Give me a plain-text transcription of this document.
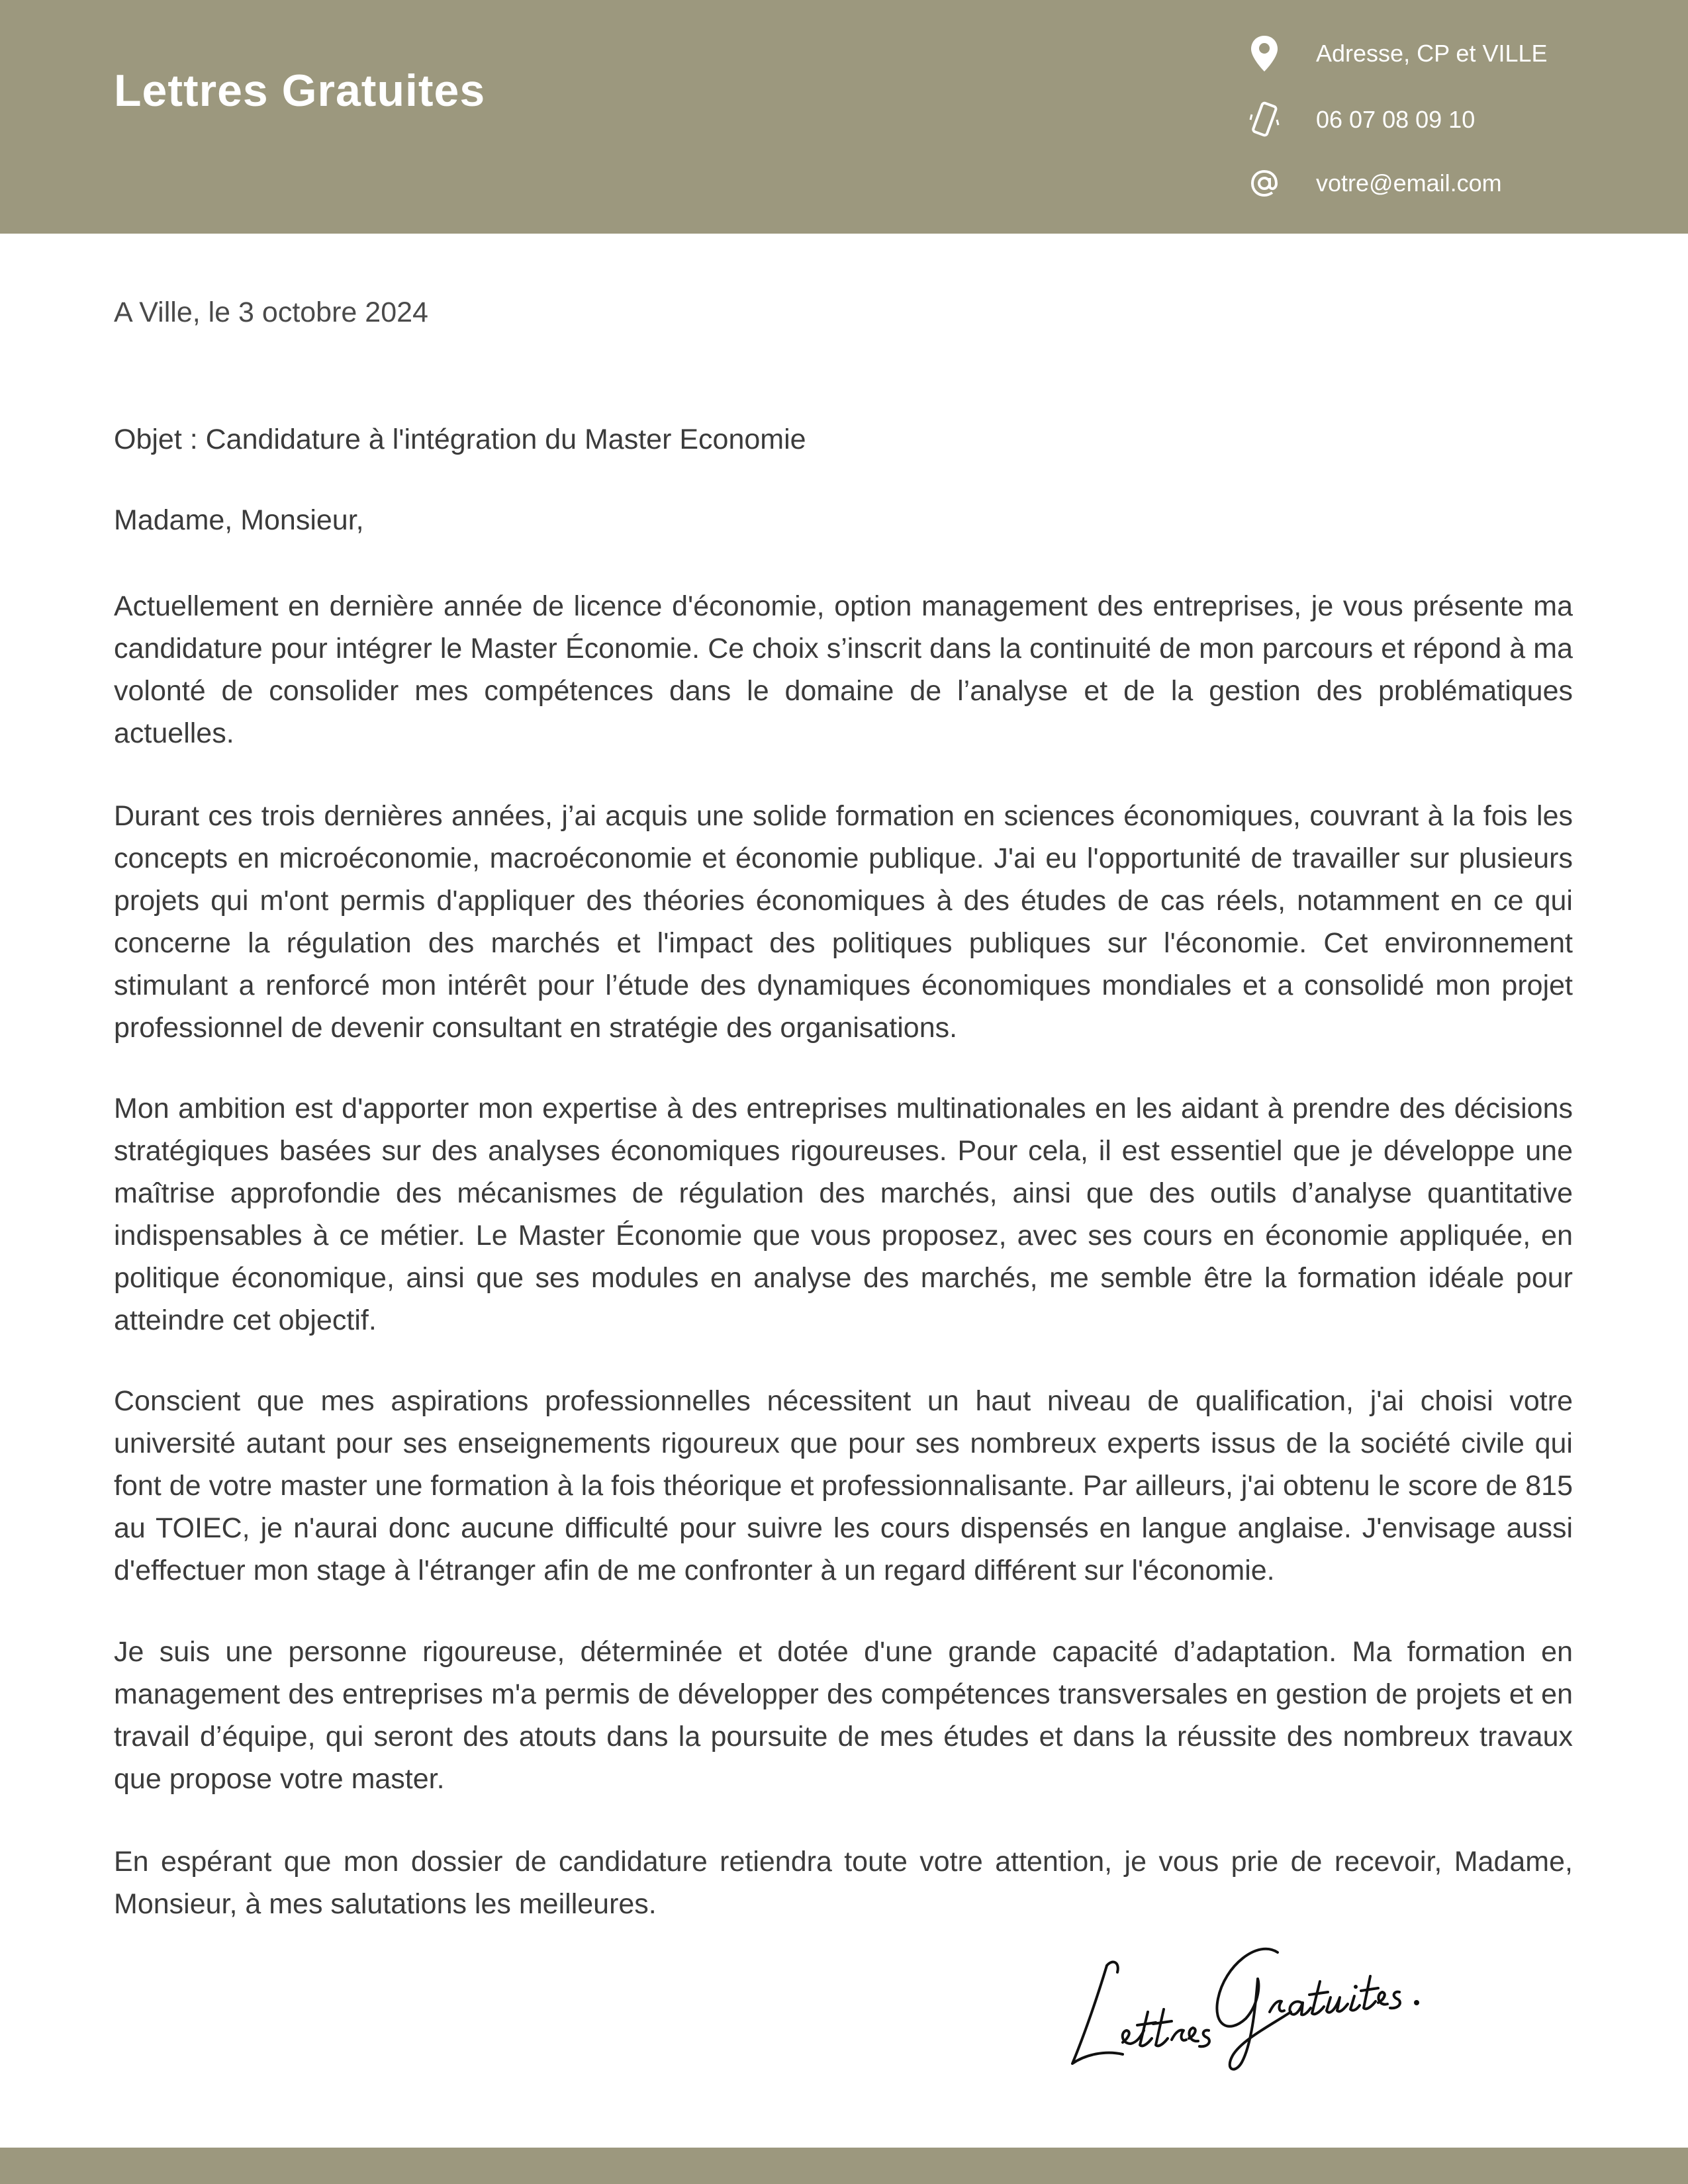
Lettres Gratuites
Adresse, CP et VILLE
06 07 08 09 10
votre@email.com
A Ville, le 3 octobre 2024
Objet : Candidature à l'intégration du Master Economie
Madame, Monsieur,

Actuellement en dernière année de licence d'économie, option management des entreprises, je vous présente ma candidature pour intégrer le Master Économie. Ce choix s’inscrit dans la continuité de mon parcours et répond à ma volonté de consolider mes compétences dans le domaine de l’analyse et de la gestion des problématiques actuelles.

Durant ces trois dernières années, j’ai acquis une solide formation en sciences économiques, couvrant à la fois les concepts en microéconomie, macroéconomie et économie publique. J'ai eu l'opportunité de travailler sur plusieurs projets qui m'ont permis d'appliquer des théories économiques à des études de cas réels, notamment en ce qui concerne la régulation des marchés et l'impact des politiques publiques sur l'économie. Cet environnement stimulant a renforcé mon intérêt pour l’étude des dynamiques économiques mondiales et a consolidé mon projet professionnel de devenir consultant en stratégie des organisations.

Mon ambition est d'apporter mon expertise à des entreprises multinationales en les aidant à prendre des décisions stratégiques basées sur des analyses économiques rigoureuses. Pour cela, il est essentiel que je développe une maîtrise approfondie des mécanismes de régulation des marchés, ainsi que des outils d’analyse quantitative indispensables à ce métier. Le Master Économie que vous proposez, avec ses cours en économie appliquée, en politique économique, ainsi que ses modules en analyse des marchés, me semble être la formation idéale pour atteindre cet objectif.

Conscient que mes aspirations professionnelles nécessitent un haut niveau de qualification, j'ai choisi votre université autant pour ses enseignements rigoureux que pour ses nombreux experts issus de la société civile qui font de votre master une formation à la fois théorique et professionnalisante. Par ailleurs, j'ai obtenu le score de 815 au TOIEC, je n'aurai donc aucune difficulté pour suivre les cours dispensés en langue anglaise. J'envisage aussi d'effectuer mon stage à l'étranger afin de me confronter à un regard différent sur l'économie.

Je suis une personne rigoureuse, déterminée et dotée d'une grande capacité d’adaptation. Ma formation en management des entreprises m'a permis de développer des compétences transversales en gestion de projets et en travail d’équipe, qui seront des atouts dans la poursuite de mes études et dans la réussite des nombreux travaux que propose votre master.

En espérant que mon dossier de candidature retiendra toute votre attention, je vous prie de recevoir, Madame, Monsieur, à mes salutations les meilleures.
